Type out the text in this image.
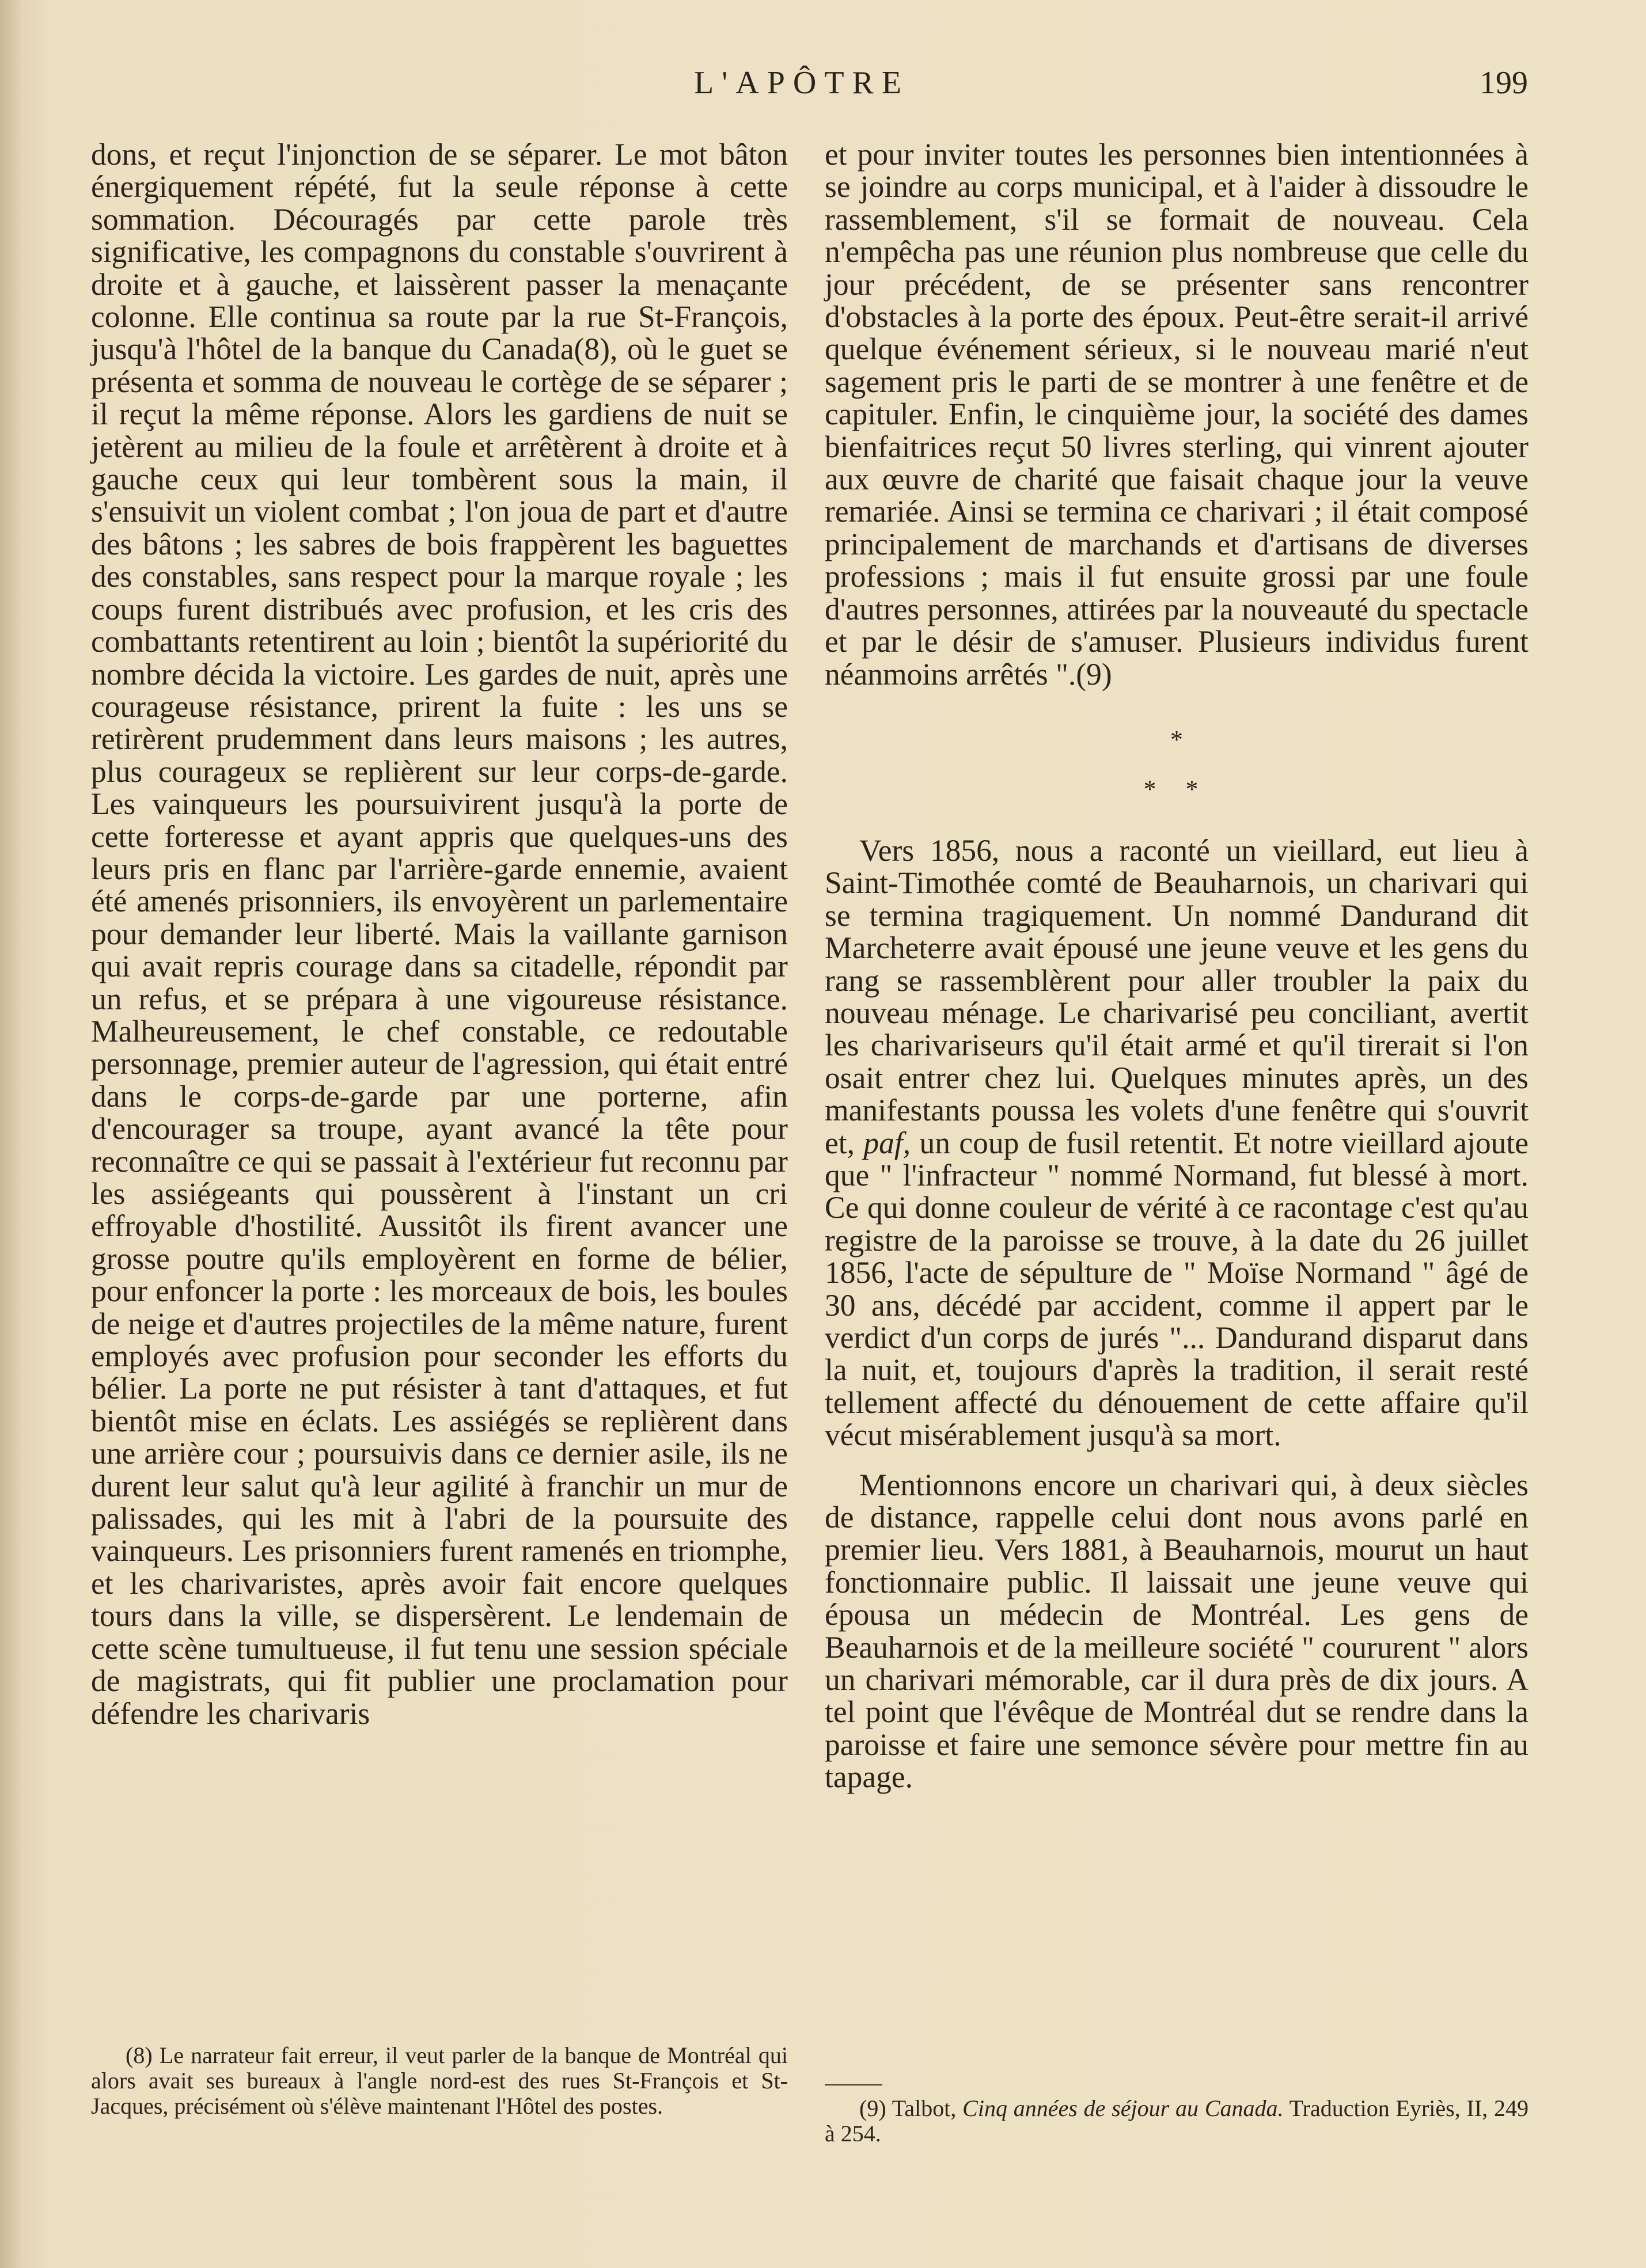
L'APÔTRE	199

dons, et reçut l'injonction de se séparer. Le mot bâton énergiquement répété, fut la seule réponse à cette sommation. Découragés par cette parole très significative, les compagnons du constable s'ouvrirent à droite et à gauche, et laissèrent passer la menaçante colonne. Elle continua sa route par la rue St-François, jusqu'à l'hôtel de la banque du Canada(8), où le guet se présenta et somma de nouveau le cortège de se séparer ; il reçut la même réponse. Alors les gardiens de nuit se jetèrent au milieu de la foule et arrêtèrent à droite et à gauche ceux qui leur tombèrent sous la main, il s'ensuivit un violent combat ; l'on joua de part et d'autre des bâtons ; les sabres de bois frappèrent les baguettes des constables, sans respect pour la marque royale ; les coups furent distribués avec profusion, et les cris des combattants retentirent au loin ; bientôt la supériorité du nombre décida la victoire. Les gardes de nuit, après une courageuse résistance, prirent la fuite : les uns se retirèrent prudemment dans leurs maisons ; les autres, plus courageux se replièrent sur leur corps-de-garde. Les vainqueurs les poursuivirent jusqu'à la porte de cette forteresse et ayant appris que quelques-uns des leurs pris en flanc par l'arrière-garde ennemie, avaient été amenés prisonniers, ils envoyèrent un parlementaire pour demander leur liberté. Mais la vaillante garnison qui avait repris courage dans sa citadelle, répondit par un refus, et se prépara à une vigoureuse résistance. Malheureusement, le chef constable, ce redoutable personnage, premier auteur de l'agression, qui était entré dans le corps-de-garde par une porterne, afin d'encourager sa troupe, ayant avancé la tête pour reconnaître ce qui se passait à l'extérieur fut reconnu par les assiégeants qui poussèrent à l'instant un cri effroyable d'hostilité. Aussitôt ils firent avancer une grosse poutre qu'ils employèrent en forme de bélier, pour enfoncer la porte : les morceaux de bois, les boules de neige et d'autres projectiles de la même nature, furent employés avec profusion pour seconder les efforts du bélier. La porte ne put résister à tant d'attaques, et fut bientôt mise en éclats. Les assiégés se replièrent dans une arrière cour ; poursuivis dans ce dernier asile, ils ne durent leur salut qu'à leur agilité à franchir un mur de palissades, qui les mit à l'abri de la poursuite des vainqueurs. Les prisonniers furent ramenés en triomphe, et les charivaristes, après avoir fait encore quelques tours dans la ville, se dispersèrent. Le lendemain de cette scène tumultueuse, il fut tenu une session spéciale de magistrats, qui fit publier une proclamation pour défendre les charivaris

(8) Le narrateur fait erreur, il veut parler de la banque de Montréal qui alors avait ses bureaux à l'angle nord-est des rues St-François et St-Jacques, précisément où s'élève maintenant l'Hôtel des postes.

et pour inviter toutes les personnes bien intentionnées à se joindre au corps municipal, et à l'aider à dissoudre le rassemblement, s'il se formait de nouveau. Cela n'empêcha pas une réunion plus nombreuse que celle du jour précédent, de se présenter sans rencontrer d'obstacles à la porte des époux. Peut-être serait-il arrivé quelque événement sérieux, si le nouveau marié n'eut sagement pris le parti de se montrer à une fenêtre et de capituler. Enfin, le cinquième jour, la société des dames bienfaitrices reçut 50 livres sterling, qui vinrent ajouter aux œuvre de charité que faisait chaque jour la veuve remariée. Ainsi se termina ce charivari ; il était composé principalement de marchands et d'artisans de diverses professions ; mais il fut ensuite grossi par une foule d'autres personnes, attirées par la nouveauté du spectacle et par le désir de s'amuser. Plusieurs individus furent néanmoins arrêtés ".(9)

*
* *

Vers 1856, nous a raconté un vieillard, eut lieu à Saint-Timothée comté de Beauharnois, un charivari qui se termina tragiquement. Un nommé Dandurand dit Marcheterre avait épousé une jeune veuve et les gens du rang se rassemblèrent pour aller troubler la paix du nouveau ménage. Le charivarisé peu conciliant, avertit les charivariseurs qu'il était armé et qu'il tirerait si l'on osait entrer chez lui. Quelques minutes après, un des manifestants poussa les volets d'une fenêtre qui s'ouvrit et, paf, un coup de fusil retentit. Et notre vieillard ajoute que " l'infracteur " nommé Normand, fut blessé à mort. Ce qui donne couleur de vérité à ce racontage c'est qu'au registre de la paroisse se trouve, à la date du 26 juillet 1856, l'acte de sépulture de " Moïse Normand " âgé de 30 ans, décédé par accident, comme il appert par le verdict d'un corps de jurés "... Dandurand disparut dans la nuit, et, toujours d'après la tradition, il serait resté tellement affecté du dénouement de cette affaire qu'il vécut misérablement jusqu'à sa mort.

Mentionnons encore un charivari qui, à deux siècles de distance, rappelle celui dont nous avons parlé en premier lieu. Vers 1881, à Beauharnois, mourut un haut fonctionnaire public. Il laissait une jeune veuve qui épousa un médecin de Montréal. Les gens de Beauharnois et de la meilleure société " coururent " alors un charivari mémorable, car il dura près de dix jours. A tel point que l'évêque de Montréal dut se rendre dans la paroisse et faire une semonce sévère pour mettre fin au tapage.

(9) Talbot, Cinq années de séjour au Canada. Traduction Eyriès, II, 249 à 254.
